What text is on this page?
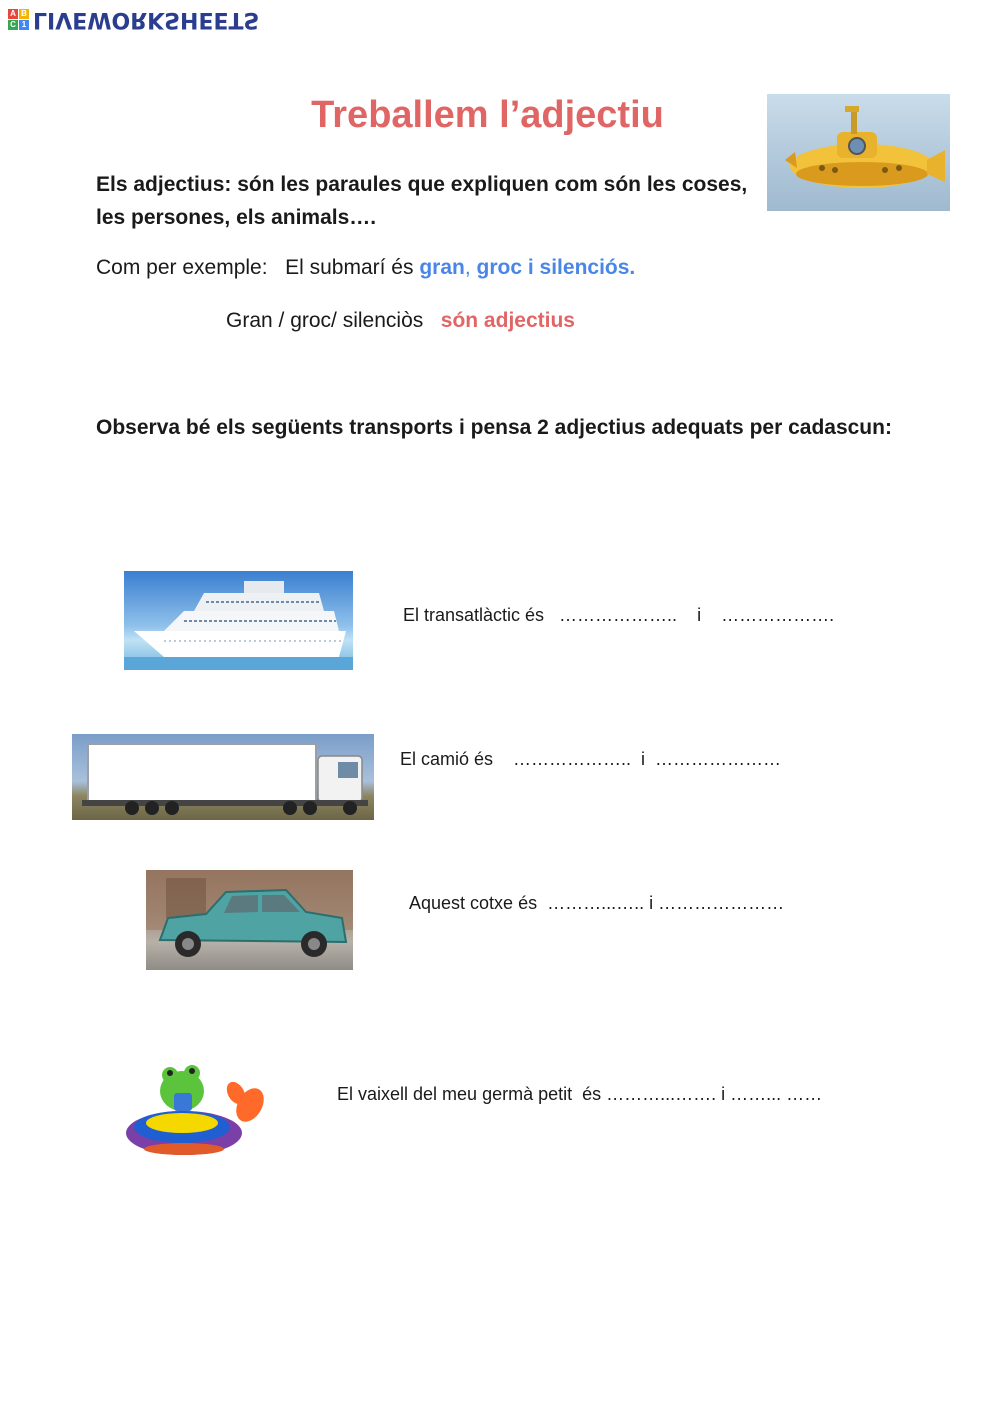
A B
C 1 LIVEWORKSHEETS
Treballem l’adjectiu
Els adjectius: són les paraules que expliquen com són les coses, les persones, els animals….
Com per exemple: El submarí és gran, groc i silenciós.
Gran / groc/ silenciòs són adjectius
Observa bé els següents transports i pensa 2 adjectius adequats per cadascun:
El transatlàctic és   ………………..    i    ……………….
El camió és    ………………..  i  …………………
Aquest cotxe és  ………...….. i …………………
El vaixell del meu germà petit  és ………...……. i ……... ……
